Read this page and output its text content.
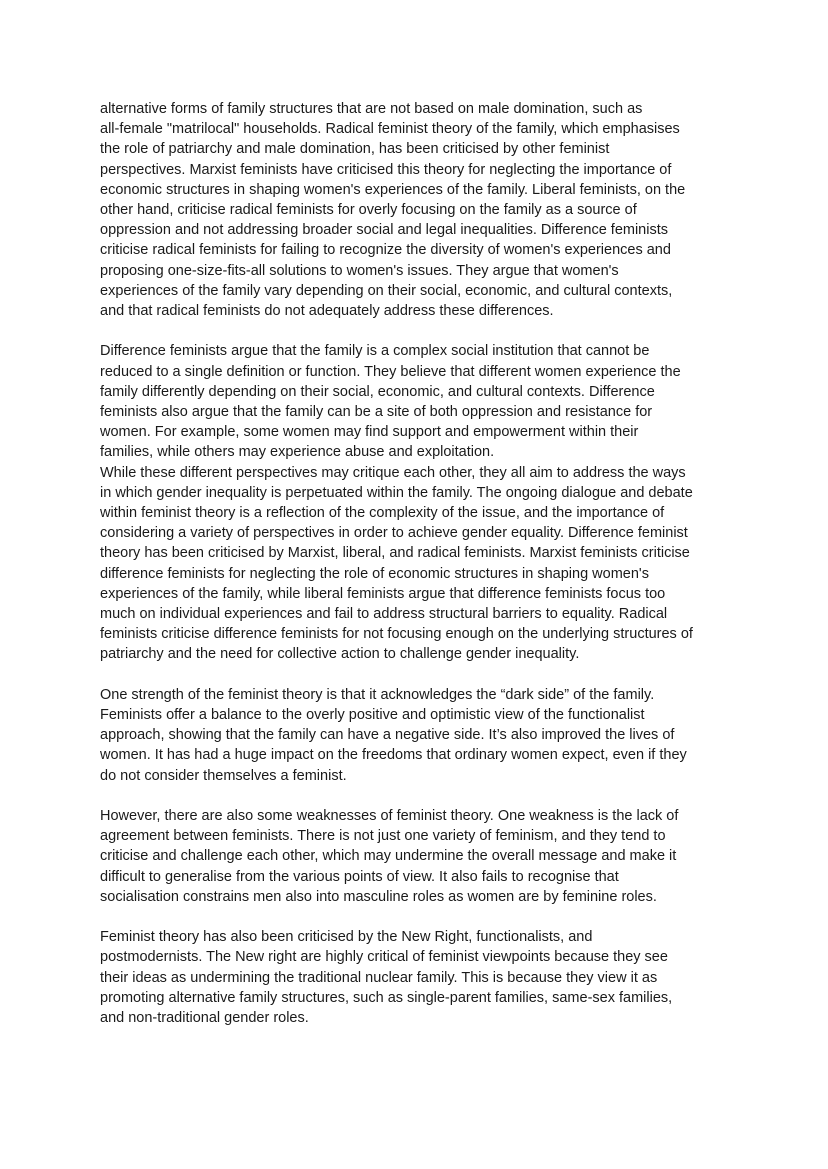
alternative forms of family structures that are not based on male domination, such as
all-female "matrilocal" households. Radical feminist theory of the family, which emphasises
the role of patriarchy and male domination, has been criticised by other feminist
perspectives. Marxist feminists have criticised this theory for neglecting the importance of
economic structures in shaping women's experiences of the family. Liberal feminists, on the
other hand, criticise radical feminists for overly focusing on the family as a source of
oppression and not addressing broader social and legal inequalities. Difference feminists
criticise radical feminists for failing to recognize the diversity of women's experiences and
proposing one-size-fits-all solutions to women's issues. They argue that women's
experiences of the family vary depending on their social, economic, and cultural contexts,
and that radical feminists do not adequately address these differences.

Difference feminists argue that the family is a complex social institution that cannot be
reduced to a single definition or function. They believe that different women experience the
family differently depending on their social, economic, and cultural contexts. Difference
feminists also argue that the family can be a site of both oppression and resistance for
women. For example, some women may find support and empowerment within their
families, while others may experience abuse and exploitation.
While these different perspectives may critique each other, they all aim to address the ways
in which gender inequality is perpetuated within the family. The ongoing dialogue and debate
within feminist theory is a reflection of the complexity of the issue, and the importance of
considering a variety of perspectives in order to achieve gender equality. Difference feminist
theory has been criticised by Marxist, liberal, and radical feminists. Marxist feminists criticise
difference feminists for neglecting the role of economic structures in shaping women's
experiences of the family, while liberal feminists argue that difference feminists focus too
much on individual experiences and fail to address structural barriers to equality. Radical
feminists criticise difference feminists for not focusing enough on the underlying structures of
patriarchy and the need for collective action to challenge gender inequality.

One strength of the feminist theory is that it acknowledges the “dark side” of the family.
Feminists offer a balance to the overly positive and optimistic view of the functionalist
approach, showing that the family can have a negative side. It’s also improved the lives of
women. It has had a huge impact on the freedoms that ordinary women expect, even if they
do not consider themselves a feminist.

However, there are also some weaknesses of feminist theory. One weakness is the lack of
agreement between feminists. There is not just one variety of feminism, and they tend to
criticise and challenge each other, which may undermine the overall message and make it
difficult to generalise from the various points of view. It also fails to recognise that
socialisation constrains men also into masculine roles as women are by feminine roles.

Feminist theory has also been criticised by the New Right, functionalists, and
postmodernists. The New right are highly critical of feminist viewpoints because they see
their ideas as undermining the traditional nuclear family. This is because they view it as
promoting alternative family structures, such as single-parent families, same-sex families,
and non-traditional gender roles.
